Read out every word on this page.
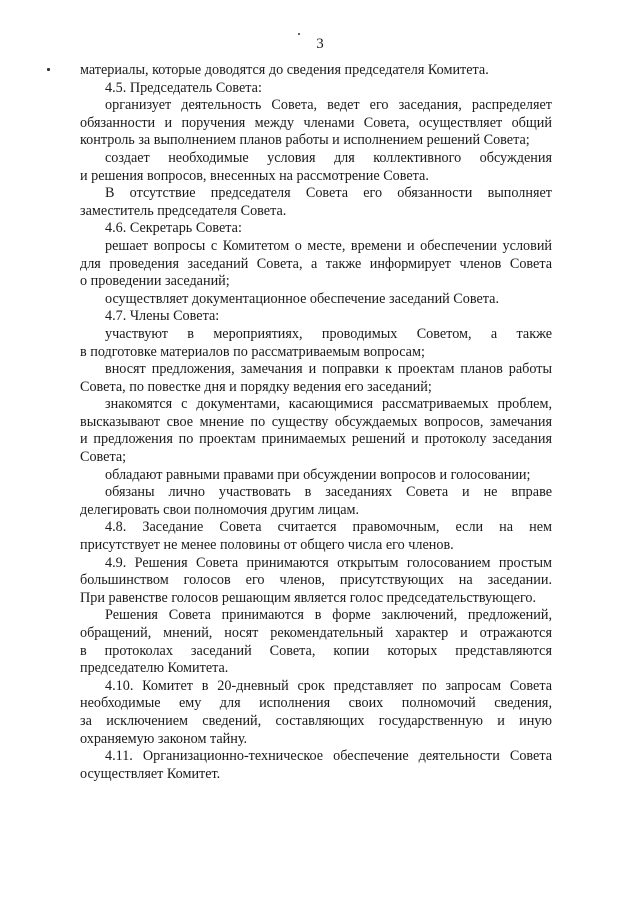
3
материалы, которые доводятся до сведения председателя Комитета.
4.5. Председатель Совета:
организует деятельность Совета, ведет его заседания, распределяет
обязанности и поручения между членами Совета, осуществляет общий
контроль за выполнением планов работы и исполнением решений Совета;
создает необходимые условия для коллективного обсуждения
и решения вопросов, внесенных на рассмотрение Совета.
В отсутствие председателя Совета его обязанности выполняет
заместитель председателя Совета.
4.6. Секретарь Совета:
решает вопросы с Комитетом о месте, времени и обеспечении условий
для проведения заседаний Совета, а также информирует членов Совета
о проведении заседаний;
осуществляет документационное обеспечение заседаний Совета.
4.7. Члены Совета:
участвуют в мероприятиях, проводимых Советом, а также
в подготовке материалов по рассматриваемым вопросам;
вносят предложения, замечания и поправки к проектам планов работы
Совета, по повестке дня и порядку ведения его заседаний;
знакомятся с документами, касающимися рассматриваемых проблем,
высказывают свое мнение по существу обсуждаемых вопросов, замечания
и предложения по проектам принимаемых решений и протоколу заседания
Совета;
обладают равными правами при обсуждении вопросов и голосовании;
обязаны лично участвовать в заседаниях Совета и не вправе
делегировать свои полномочия другим лицам.
4.8. Заседание Совета считается правомочным, если на нем
присутствует не менее половины от общего числа его членов.
4.9. Решения Совета принимаются открытым голосованием простым
большинством голосов его членов, присутствующих на заседании.
При равенстве голосов решающим является голос председательствующего.
Решения Совета принимаются в форме заключений, предложений,
обращений, мнений, носят рекомендательный характер и отражаются
в протоколах заседаний Совета, копии которых представляются
председателю Комитета.
4.10. Комитет в 20-дневный срок представляет по запросам Совета
необходимые ему для исполнения своих полномочий сведения,
за исключением сведений, составляющих государственную и иную
охраняемую законом тайну.
4.11. Организационно-техническое обеспечение деятельности Совета
осуществляет Комитет.
